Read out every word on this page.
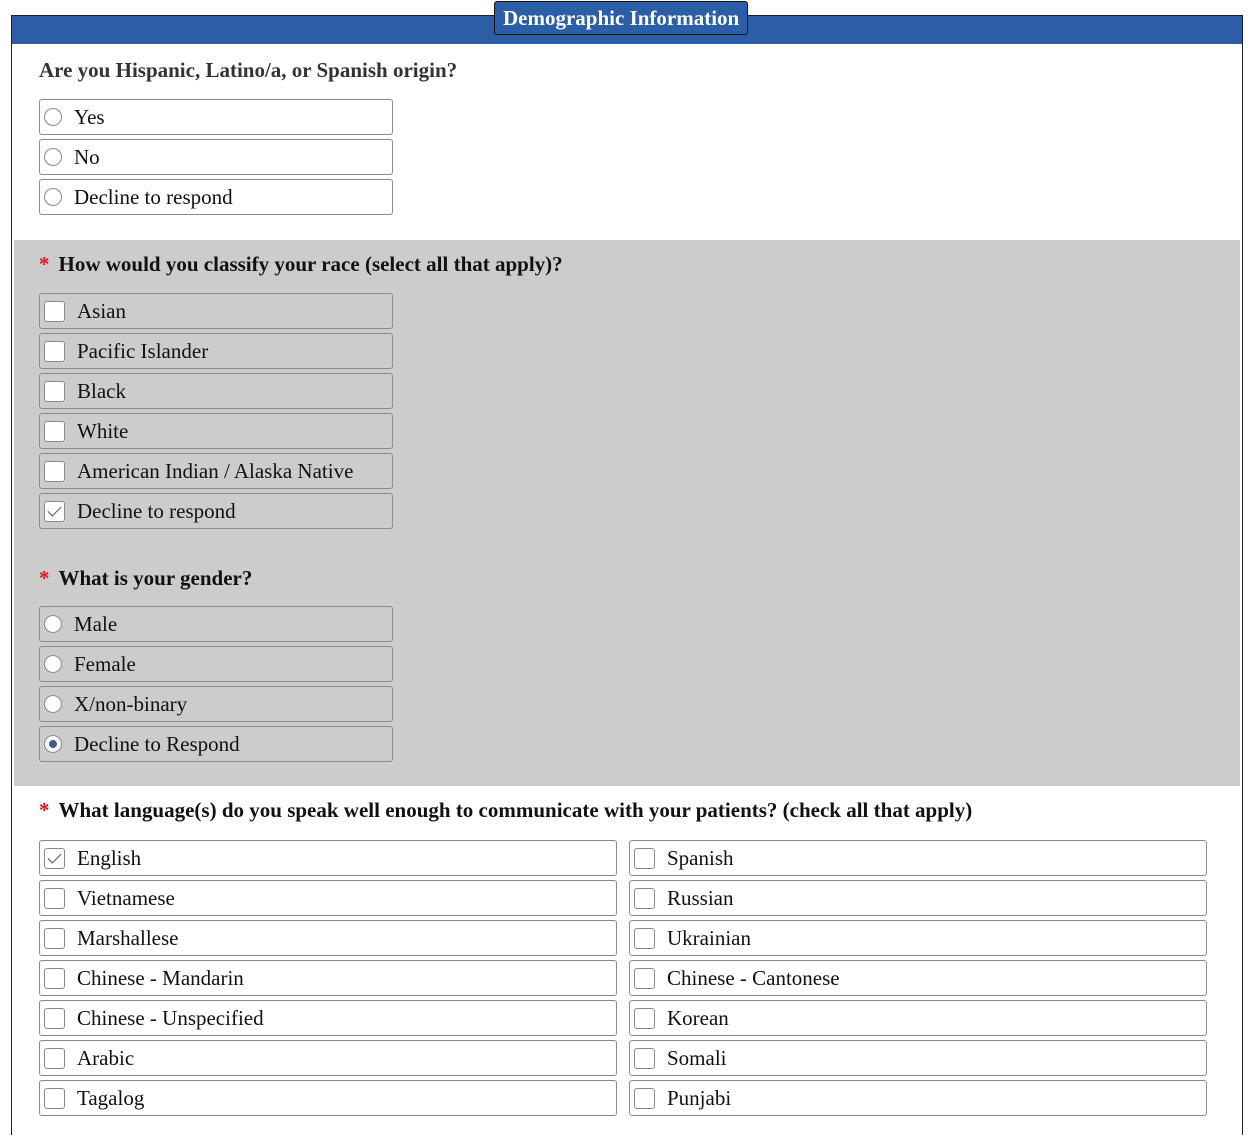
Demographic Information
Are you Hispanic, Latino/a, or Spanish origin?
Yes
No
Decline to respond
* How would you classify your race (select all that apply)?
Asian
Pacific Islander
Black
White
American Indian / Alaska Native
Decline to respond
* What is your gender?
Male
Female
X/non-binary
Decline to Respond
* What language(s) do you speak well enough to communicate with your patients? (check all that apply)
English	Spanish
Vietnamese	Russian
Marshallese	Ukrainian
Chinese - Mandarin	Chinese - Cantonese
Chinese - Unspecified	Korean
Arabic	Somali
Tagalog	Punjabi
